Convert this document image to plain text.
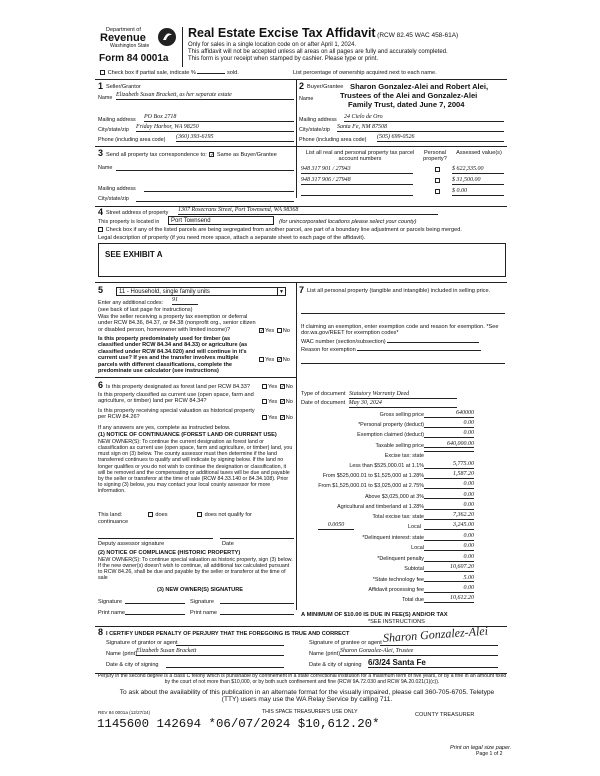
Department of
Revenue
Washington State
Form 84 0001a
Real Estate Excise Tax Affidavit (RCW 82.45 WAC 458-61A)
Only for sales in a single location code on or after April 1, 2024.
This affidavit will not be accepted unless all areas on all pages are fully and accurately completed.
This form is your receipt when stamped by cashier. Please type or print.
Check box if partial sale, indicate %	sold.	List percentage of ownership acquired next to each name.
1 Seller/Grantor
Name Elizabeth Susan Brackett, as her separate estate
Mailing address PO Box 2718
City/state/zip Friday Harbor, WA 98250
Phone (including area code) (360) 393-6195
2 Buyer/Grantee Sharon Gonzalez-Alei and Robert Alei,
Name	Trustees of the Alei and Gonzalez-Alei
Family Trust, dated June 7, 2004
Mailing address 24 Cielo de Oro
City/state/zip Santa Fe, NM 87508
Phone (including area code) (505) 699-0526
3 Send all property tax correspondence to: ✓ Same as Buyer/Grantee
Name
Mailing address
City/state/zip
List all real and personal property tax parcel account numbers
Personal property?
Assessed value(s)
948 317 901 / 27943	$ 622,335.00
948 317 906 / 27948	$ 31,500.00
$ 0.00
4 Street address of property 1307 Rosecrans Street, Port Townsend, WA 98368
This property is located in	Port Townsend	(for unincorporated locations please select your county)
Check box if any of the listed parcels are being segregated from another parcel, are part of a boundary line adjustment or parcels being merged.
Legal description of property (if you need more space, attach a separate sheet to each page of the affidavit).
SEE EXHIBIT A
5	11 - Household, single family units	▼
Enter any additional codes: 91
(see back of last page for instructions)
Was the seller receiving a property tax exemption or deferral under RCW 84.36, 84.37, or 84.38 (nonprofit org., senior citizen or disabled person, homeowner with limited income)? ✓	Yes No
Is this property predominately used for timber (as classified under RCW 84.34 and 84.33) or agriculture (as classified under RCW 84.34.020) and will continue in it's current use? If yes and the transfer involves multiple parcels with different classifications, complete the predominate use calculator (see instructions)
Yes ✓ No
7 List all personal property (tangible and intangible) included in selling price.
If claiming an exemption, enter exemption code and reason for exemption. *See dor.wa.gov/REET for exemption codes*
WAC number (section/subsection)
Reason for exemption
6 Is this property designated as forest land per RCW 84.33?	Yes ✓ No
Is this property classified as current use (open space, farm and agriculture, or timber) land per RCW 84.34?	Yes ✓ No
Is this property receiving special valuation as historical property per RCW 84.26?	Yes ✓ No
If any answers are yes, complete as instructed below.
(1) NOTICE OF CONTINUANCE (FOREST LAND OR CURRENT USE)
NEW OWNER(S): To continue the current designation as forest land or classification as current use (open space, farm and agriculture, or timber) land, you must sign on (3) below. The county assessor must then determine if the land transferred continues to qualify and will indicate by signing below. If the land no longer qualifies or you do not wish to continue the designation or classification, it will be removed and the compensating or additional taxes will be due and payable by the seller or transferor at the time of sale (RCW 84.33.140 or 84.34.108). Prior to signing (3) below, you may contact your local county assessor for more information.
This land:	does	does not qualify for
continuance
Deputy assessor signature	Date
(2) NOTICE OF COMPLIANCE (HISTORIC PROPERTY)
NEW OWNER(S): To continue special valuation as historic property, sign (3) below. If the new owner(s) doesn't wish to continue, all additional tax calculated pursuant to RCW 84.26, shall be due and payable by the seller or transferor at the time of sale
(3) NEW OWNER(S) SIGNATURE
Signature	Signature
Print name	Print name
Type of document Statutory Warranty Deed
Date of document May 30, 2024
Gross selling price	640000
*Personal property (deduct)	0.00
Exemption claimed (deduct)	0.00
Taxable selling price	640,000.00
Excise tax: state
Less than $525,000.01 at 1.1%	5,775.00
From $525,000.01 to $1,525,000 at 1.28%	1,587.20
From $1,525,000.01 to $3,025,000 at 2.75%	0.00
Above $3,025,000 at 3%	0.00
Agricultural and timberland at 1.28%	0.00
Total excise tax: state	7,362.20
0.0050	Local	3,245.00
*Delinquent interest: state	0.00
Local	0.00
*Delinquent penalty	0.00
Subtotal	10,607.20
*State technology fee	5.00
Affidavit processing fee	0.00
Total due	10,612.20
A MINIMUM OF $10.00 IS DUE IN FEE(S) AND/OR TAX
*SEE INSTRUCTIONS
8 I CERTIFY UNDER PENALTY OF PERJURY THAT THE FOREGOING IS TRUE AND CORRECT
Signature of grantor or agent
Name (print)
Elizabeth Susan Brackett
Date & city of signing
Signature of grantee or agent Sharon Gonzalez-Alei
Name (print) Sharon Gonzalez-Alei, Trustee
Date & city of signing 6/3/24 Santa Fe
Perjury in the second degree is a class C felony which is punishable by confinement in a state correctional institution for a maximum term of five years, or by a fine in an amount fixed by the court of not more than $10,000, or by both such confinement and fine (RCW 9A.72.030 and RCW 9A.20.021(1)(c)).
To ask about the availability of this publication in an alternate format for the visually impaired, please call 360-705-6705. Teletype (TTY) users may use the WA Relay Service by calling 711.
REV 84 0001a (12/27/24)	THIS SPACE TREASURER'S USE ONLY	COUNTY TREASURER
1145600 142694 *06/07/2024 $10,612.20*
Print on legal size paper.
Page 1 of 2
